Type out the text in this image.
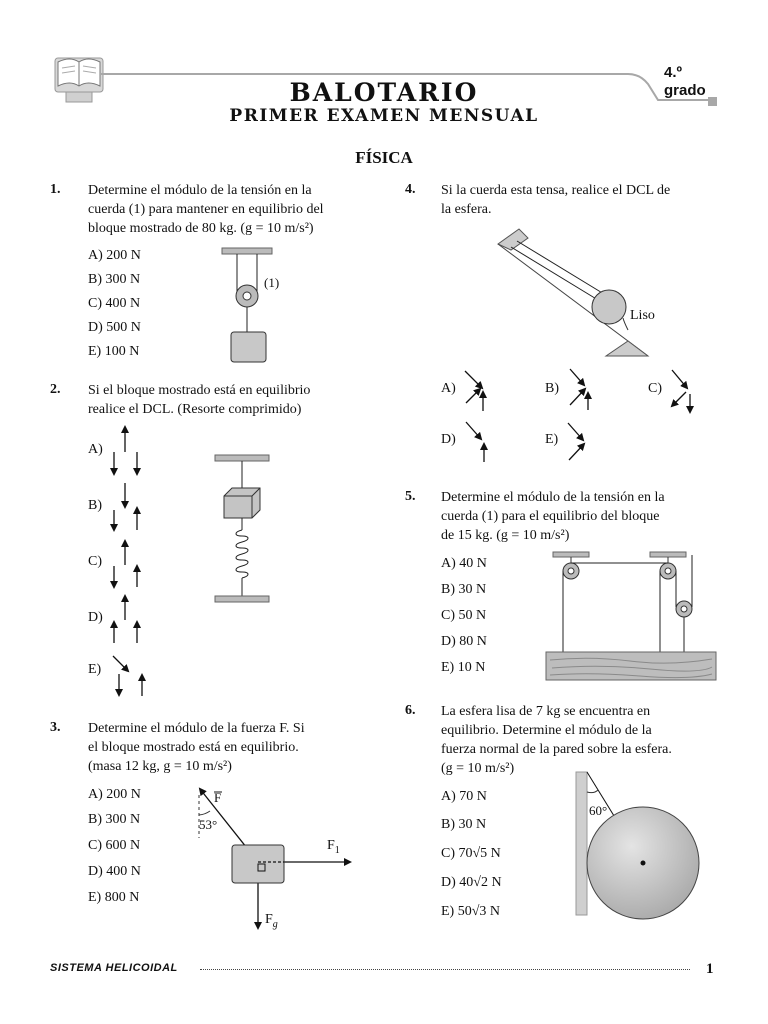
BALOTARIO
PRIMER EXAMEN MENSUAL
4.º
grado
FÍSICA
1. Determine el módulo de la tensión en la
cuerda (1) para mantener en equilibrio del
bloque mostrado de 80 kg. (g = 10 m/s²)
A) 200 N
B) 300 N
C) 400 N
D) 500 N
E) 100 N
(1)
2. Si el bloque mostrado está en equilibrio
realice el DCL. (Resorte comprimido)
A)
B)
C)
D)
E)
3. Determine el módulo de la fuerza F. Si
el bloque mostrado está en equilibrio.
(masa 12 kg, g = 10 m/s²)
A) 200 N
B) 300 N
C) 600 N
D) 400 N
E) 800 N
F
53°
$F_1$
$F_g$
4. Si la cuerda esta tensa, realice el DCL de
la esfera.
Liso
A)	B)	C)
D)	E)
5. Determine el módulo de la tensión en la
cuerda (1) para el equilibrio del bloque
de 15 kg. (g = 10 m/s²)
A) 40 N
B) 30 N
C) 50 N
D) 80 N
E) 10 N
6. La esfera lisa de 7 kg se encuentra en
equilibrio. Determine el módulo de la
fuerza normal de la pared sobre la esfera.
(g = 10 m/s²)
A) 70 N
B) 30 N
C) 70√5 N
D) 40√2 N
E) 50√3 N
60°
SISTEMA HELICOIDAL	1
